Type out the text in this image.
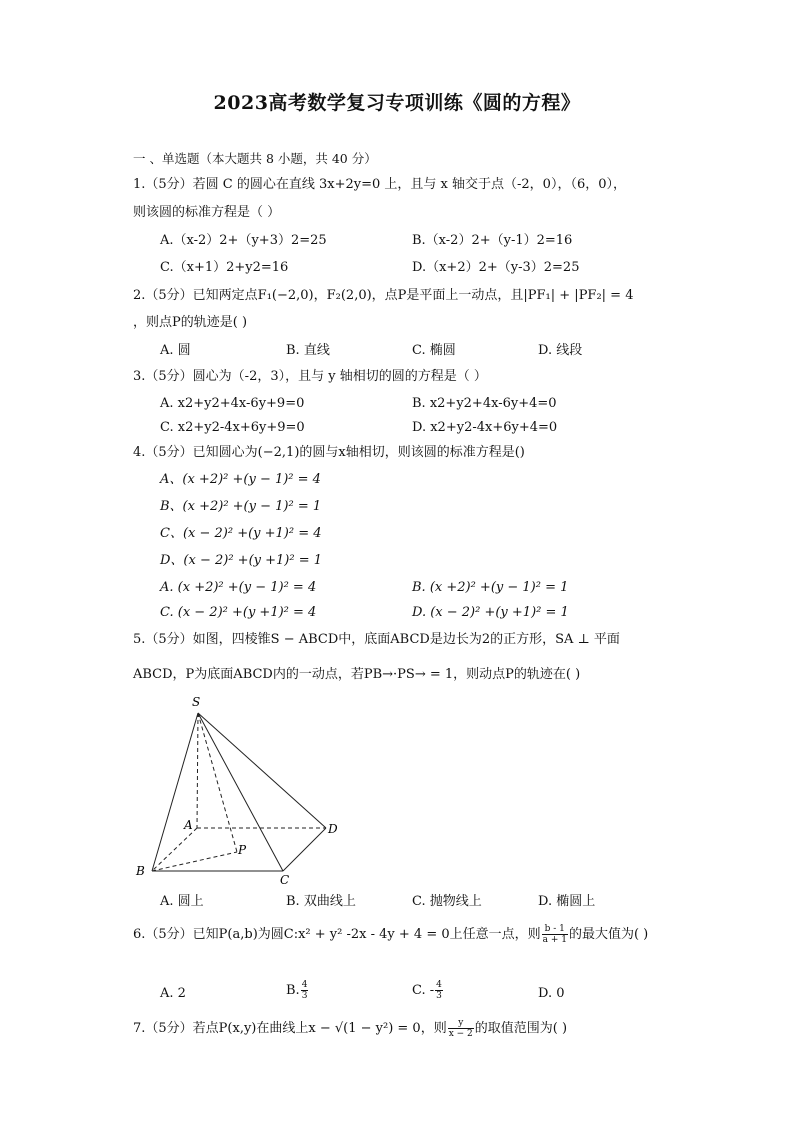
2023高考数学复习专项训练《圆的方程》
一 、单选题（本大题共 8 小题，共 40 分）
1.（5分）若圆 C 的圆心在直线 3x+2y=0 上，且与 x 轴交于点（-2，0），（6，0），
则该圆的标准方程是（ ）
A.（x-2）2+（y+3）2=25	B.（x-2）2+（y-1）2=16
C.（x+1）2+y2=16	D.（x+2）2+（y-3）2=25
2.（5分）已知两定点F₁(−2,0)，F₂(2,0)，点P是平面上一动点，且|PF₁| + |PF₂| = 4
，则点P的轨迹是( )
A. 圆	B. 直线	C. 椭圆	D. 线段
3.（5分）圆心为（-2，3），且与 y 轴相切的圆的方程是（ ）
A. x2+y2+4x-6y+9=0	B. x2+y2+4x-6y+4=0
C. x2+y2-4x+6y+9=0	D. x2+y2-4x+6y+4=0
4.（5分）已知圆心为(−2,1)的圆与x轴相切，则该圆的标准方程是()
A、(x +2)² +(y − 1)² = 4
B、(x +2)² +(y − 1)² = 1
C、(x − 2)² +(y +1)² = 4
D、(x − 2)² +(y +1)² = 1
A. (x +2)² +(y − 1)² = 4	B. (x +2)² +(y − 1)² = 1
C. (x − 2)² +(y +1)² = 4	D. (x − 2)² +(y +1)² = 1
5.（5分）如图，四棱锥S − ABCD中，底面ABCD是边长为2的正方形，SA ⊥ 平面
ABCD，P为底面ABCD内的一动点，若PB→·PS→ = 1，则动点P的轨迹在( )
S
A
B
C
D
P
A. 圆上	B. 双曲线上	C. 抛物线上	D. 椭圆上
6.（5分）已知P(a,b)为圆C:x² + y² -2x - 4y + 4 = 0上任意一点，则 $\frac{b - 1}{a + 1}$ 的最大值为( )
A. 2	B. $\frac{4}{3}$	C. - $\frac{4}{3}$	D. 0
7.（5分）若点P(x,y)在曲线上x − √(1 − y²) = 0，则 $\frac{y}{x - 2}$ 的取值范围为( )
